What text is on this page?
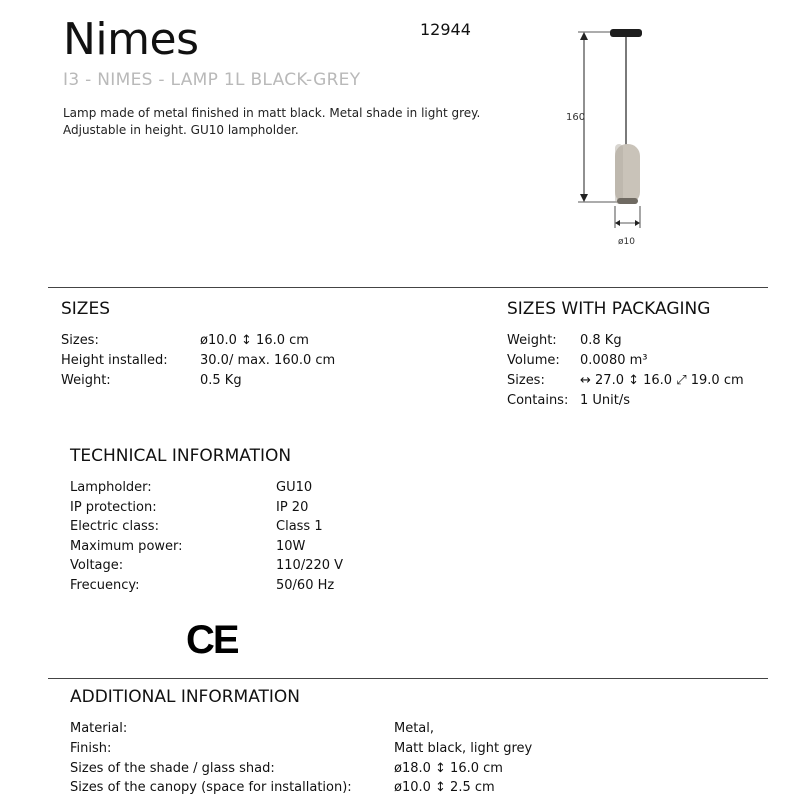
Nimes	12944
I3 - NIMES - LAMP 1L BLACK-GREY
Lamp made of metal finished in matt black. Metal shade in light grey.
Adjustable in height. GU10 lampholder.
160
ø10
SIZES
Sizes:	ø10.0 ↕ 16.0 cm
Height installed: 30.0/ max. 160.0 cm
Weight:	0.5 Kg
SIZES WITH PACKAGING
Weight: 0.8 Kg
Volume: 0.0080 m³
Sizes:	↔ 27.0 ↕ 16.0 ⤢ 19.0 cm
Contains: 1 Unit/s
TECHNICAL INFORMATION
Lampholder:	GU10
IP protection:	IP 20
Electric class:	Class 1
Maximum power:	10W
Voltage:	110/220 V
Frecuency:	50/60 Hz
CE
ADDITIONAL INFORMATION
Material:	Metal,
Finish:	Matt black, light grey
Sizes of the shade / glass shad:	ø18.0 ↕ 16.0 cm
Sizes of the canopy (space for installation):	ø10.0 ↕ 2.5 cm
